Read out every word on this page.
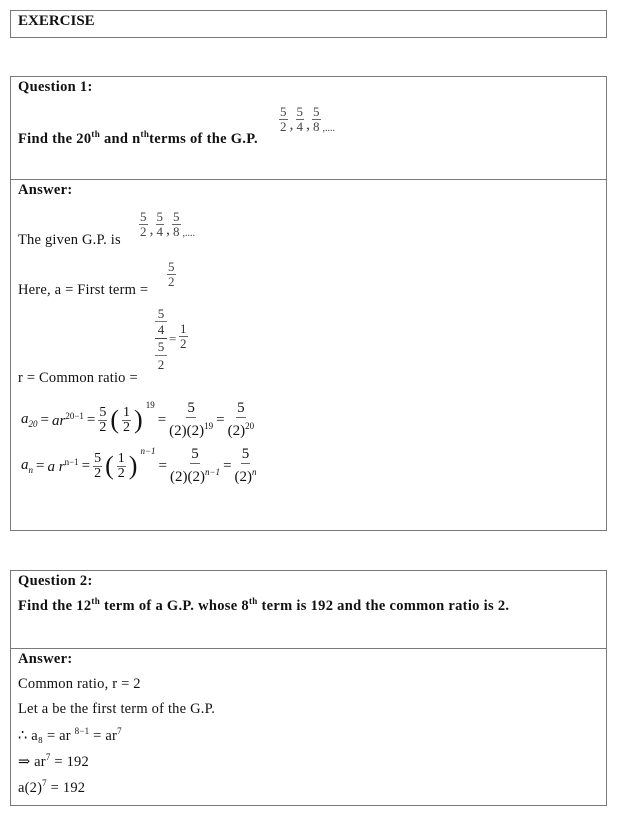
EXERCISE
Question 1:
Find the 20th and $n^{th}terms$ of the G.P.
$\frac{5}{2}$ , $\frac{5}{4}$ , $\frac{5}{8}$ ,....
Answer:
The given G.P. is
$\frac{5}{2}$ , $\frac{5}{4}$ , $\frac{5}{8}$ ,....
Here, a = First term =
$\frac{5}{2}$
r = Common ratio =
5
4
5
2
= $\frac{1}{2}$
$a_{20} = ar^{20-1} = \frac{5}{2}$ ( $\frac{1}{2}$ ) 19
= $\frac{5}{(2)(2)^{19}} = \frac{5}{(2)^{20}}$
$a_n = a$ $r^{n-1} = \frac{5}{2}$ ( $\frac{1}{2}$ ) n−1
= $\frac{5}{(2)(2)^{n-1}} = \frac{5}{(2)^n}$
Question 2:
Find the 12th term of a G.P. whose 8th term is 192 and the common ratio is 2.
Answer:
Common ratio, r = 2
Let a be the first term of the G.P.
∴ a₈ = ar $^{8-1} = ar^7$
⇒ $ar^7 = 192$
$a(2)^7 = 192$
